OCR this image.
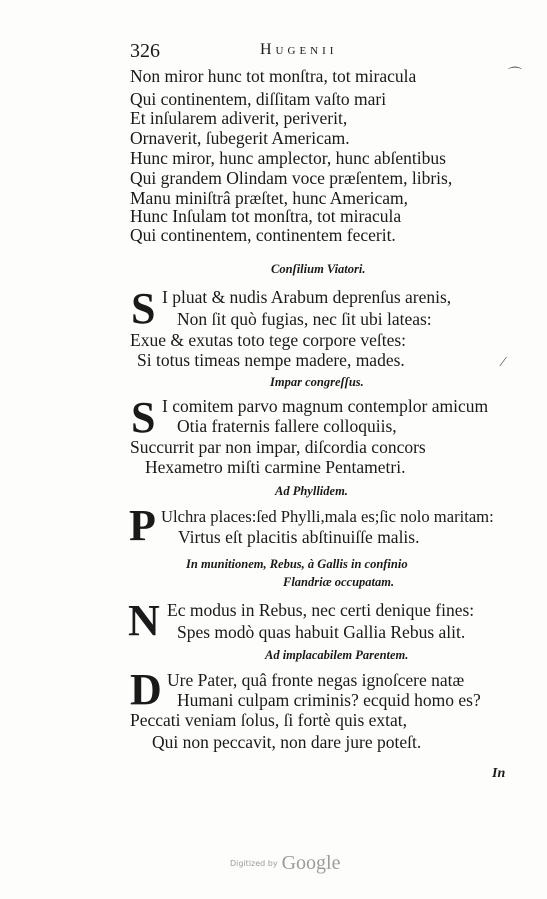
326	Hugenii
Non miror hunc tot monſtra, tot miracula
Qui continentem, diſſitam vaſto mari
Et inſularem adiverit, periverit,
Ornaverit, ſubegerit Americam.
Hunc miror, hunc amplector, hunc abſentibus
Qui grandem Olindam voce præſentem, libris,
Manu miniſtrâ præſtet, hunc Americam,
Hunc Inſulam tot monſtra, tot miracula
Qui continentem, continentem fecerit.
Conſilium Viatori.
S I pluat & nudis Arabum deprenſus arenis,
Non ſit quò fugias, nec ſit ubi lateas:
Exue & exutas toto tege corpore veſtes:
Si totus timeas nempe madere, mades.
Impar congreſſus.
S I comitem parvo magnum contemplor amicum
Otia fraternis fallere colloquiis,
Succurrit par non impar, diſcordia concors
Hexametro miſti carmine Pentametri.
Ad Phyllidem.
P Ulchra places:ſed Phylli,mala es;ſic nolo maritam:
Virtus eſt placitis abſtinuiſſe malis.
In munitionem, Rebus, à Gallis in confinio
Flandriæ occupatam.
N Ec modus in Rebus, nec certi denique fines:
Spes modò quas habuit Gallia Rebus alit.
Ad implacabilem Parentem.
D Ure Pater, quâ fronte negas ignoſcere natæ
Humani culpam criminis? ecquid homo es?
Peccati veniam ſolus, ſi fortè quis extat,
Qui non peccavit, non dare jure poteſt.
In
⌒
⁄
Digitized by Google
